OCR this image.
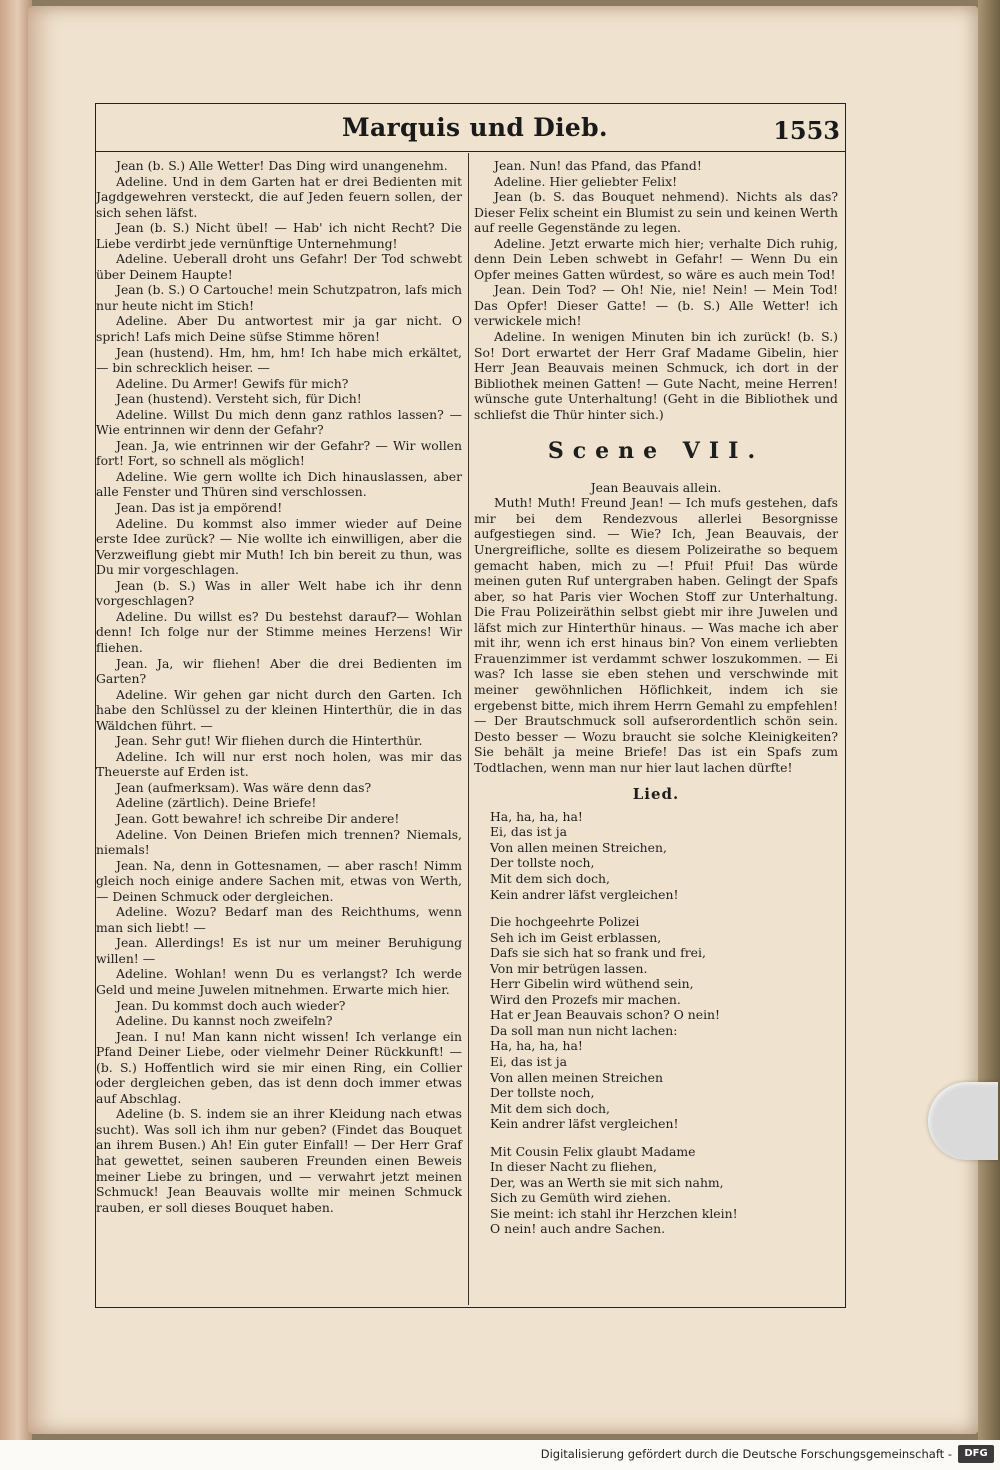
Marquis und Dieb.	1553

Jean (b. S.) Alle Wetter! Das Ding wird unangenehm.

Adeline. Und in dem Garten hat er drei Bedienten mit Jagdgewehren versteckt, die auf Jeden feuern sollen, der sich sehen läfst.

Jean (b. S.) Nicht übel! — Hab' ich nicht Recht? Die Liebe verdirbt jede vernünftige Unternehmung!

Adeline. Ueberall droht uns Gefahr! Der Tod schwebt über Deinem Haupte!

Jean (b. S.) O Cartouche! mein Schutzpatron, lafs mich nur heute nicht im Stich!

Adeline. Aber Du antwortest mir ja gar nicht. O sprich! Lafs mich Deine süfse Stimme hören!

Jean (hustend). Hm, hm, hm! Ich habe mich erkältet, — bin schrecklich heiser. —

Adeline. Du Armer! Gewifs für mich?

Jean (hustend). Versteht sich, für Dich!

Adeline. Willst Du mich denn ganz rathlos lassen? — Wie entrinnen wir denn der Gefahr?

Jean. Ja, wie entrinnen wir der Gefahr? — Wir wollen fort! Fort, so schnell als möglich!

Adeline. Wie gern wollte ich Dich hinauslassen, aber alle Fenster und Thüren sind verschlossen.

Jean. Das ist ja empörend!

Adeline. Du kommst also immer wieder auf Deine erste Idee zurück? — Nie wollte ich einwilligen, aber die Verzweiflung giebt mir Muth! Ich bin bereit zu thun, was Du mir vorgeschlagen.

Jean (b. S.) Was in aller Welt habe ich ihr denn vorgeschlagen?

Adeline. Du willst es? Du bestehst darauf?— Wohlan denn! Ich folge nur der Stimme meines Herzens! Wir fliehen.

Jean. Ja, wir fliehen! Aber die drei Bedienten im Garten?

Adeline. Wir gehen gar nicht durch den Garten. Ich habe den Schlüssel zu der kleinen Hinterthür, die in das Wäldchen führt. —

Jean. Sehr gut! Wir fliehen durch die Hinterthür.

Adeline. Ich will nur erst noch holen, was mir das Theuerste auf Erden ist.

Jean (aufmerksam). Was wäre denn das?

Adeline (zärtlich). Deine Briefe!

Jean. Gott bewahre! ich schreibe Dir andere!

Adeline. Von Deinen Briefen mich trennen? Niemals, niemals!

Jean. Na, denn in Gottesnamen, — aber rasch! Nimm gleich noch einige andere Sachen mit, etwas von Werth, — Deinen Schmuck oder dergleichen.

Adeline. Wozu? Bedarf man des Reichthums, wenn man sich liebt! —

Jean. Allerdings! Es ist nur um meiner Beruhigung willen! —

Adeline. Wohlan! wenn Du es verlangst? Ich werde Geld und meine Juwelen mitnehmen. Erwarte mich hier.

Jean. Du kommst doch auch wieder?

Adeline. Du kannst noch zweifeln?

Jean. I nu! Man kann nicht wissen! Ich verlange ein Pfand Deiner Liebe, oder vielmehr Deiner Rückkunft! — (b. S.) Hoffentlich wird sie mir einen Ring, ein Collier oder dergleichen geben, das ist denn doch immer etwas auf Abschlag.

Adeline (b. S. indem sie an ihrer Kleidung nach etwas sucht). Was soll ich ihm nur geben? (Findet das Bouquet an ihrem Busen.) Ah! Ein guter Einfall! — Der Herr Graf hat gewettet, seinen sauberen Freunden einen Beweis meiner Liebe zu bringen, und — verwahrt jetzt meinen Schmuck! Jean Beauvais wollte mir meinen Schmuck rauben, er soll dieses Bouquet haben.

Jean. Nun! das Pfand, das Pfand!

Adeline. Hier geliebter Felix!

Jean (b. S. das Bouquet nehmend). Nichts als das? Dieser Felix scheint ein Blumist zu sein und keinen Werth auf reelle Gegenstände zu legen.

Adeline. Jetzt erwarte mich hier; verhalte Dich ruhig, denn Dein Leben schwebt in Gefahr! — Wenn Du ein Opfer meines Gatten würdest, so wäre es auch mein Tod!

Jean. Dein Tod? — Oh! Nie, nie! Nein! — Mein Tod! Das Opfer! Dieser Gatte! — (b. S.) Alle Wetter! ich verwickele mich!

Adeline. In wenigen Minuten bin ich zurück! (b. S.) So! Dort erwartet der Herr Graf Madame Gibelin, hier Herr Jean Beauvais meinen Schmuck, ich dort in der Bibliothek meinen Gatten! — Gute Nacht, meine Herren! wünsche gute Unterhaltung! (Geht in die Bibliothek und schliefst die Thür hinter sich.)

Scene VII.

Jean Beauvais allein.

Muth! Muth! Freund Jean! — Ich mufs gestehen, dafs mir bei dem Rendezvous allerlei Besorgnisse aufgestiegen sind. — Wie? Ich, Jean Beauvais, der Unergreifliche, sollte es diesem Polizeirathe so bequem gemacht haben, mich zu —! Pfui! Pfui! Das würde meinen guten Ruf untergraben haben. Gelingt der Spafs aber, so hat Paris vier Wochen Stoff zur Unterhaltung. Die Frau Polizeiräthin selbst giebt mir ihre Juwelen und läfst mich zur Hinterthür hinaus. — Was mache ich aber mit ihr, wenn ich erst hinaus bin? Von einem verliebten Frauenzimmer ist verdammt schwer loszukommen. — Ei was? Ich lasse sie eben stehen und verschwinde mit meiner gewöhnlichen Höflichkeit, indem ich sie ergebenst bitte, mich ihrem Herrn Gemahl zu empfehlen! — Der Brautschmuck soll aufserordentlich schön sein. Desto besser — Wozu braucht sie solche Kleinigkeiten? Sie behält ja meine Briefe! Das ist ein Spafs zum Todtlachen, wenn man nur hier laut lachen dürfte!

Lied.
Ha, ha, ha, ha!
Ei, das ist ja
Von allen meinen Streichen,
Der tollste noch,
Mit dem sich doch,
Kein andrer läfst vergleichen!
Die hochgeehrte Polizei
Seh ich im Geist erblassen,
Dafs sie sich hat so frank und frei,
Von mir betrügen lassen.
Herr Gibelin wird wüthend sein,
Wird den Prozefs mir machen.
Hat er Jean Beauvais schon? O nein!
Da soll man nun nicht lachen:
Ha, ha, ha, ha!
Ei, das ist ja
Von allen meinen Streichen
Der tollste noch,
Mit dem sich doch,
Kein andrer läfst vergleichen!
Mit Cousin Felix glaubt Madame
In dieser Nacht zu fliehen,
Der, was an Werth sie mit sich nahm,
Sich zu Gemüth wird ziehen.
Sie meint: ich stahl ihr Herzchen klein!
O nein! auch andre Sachen.
Digitalisierung gefördert durch die Deutsche Forschungsgemeinschaft -	DFG
